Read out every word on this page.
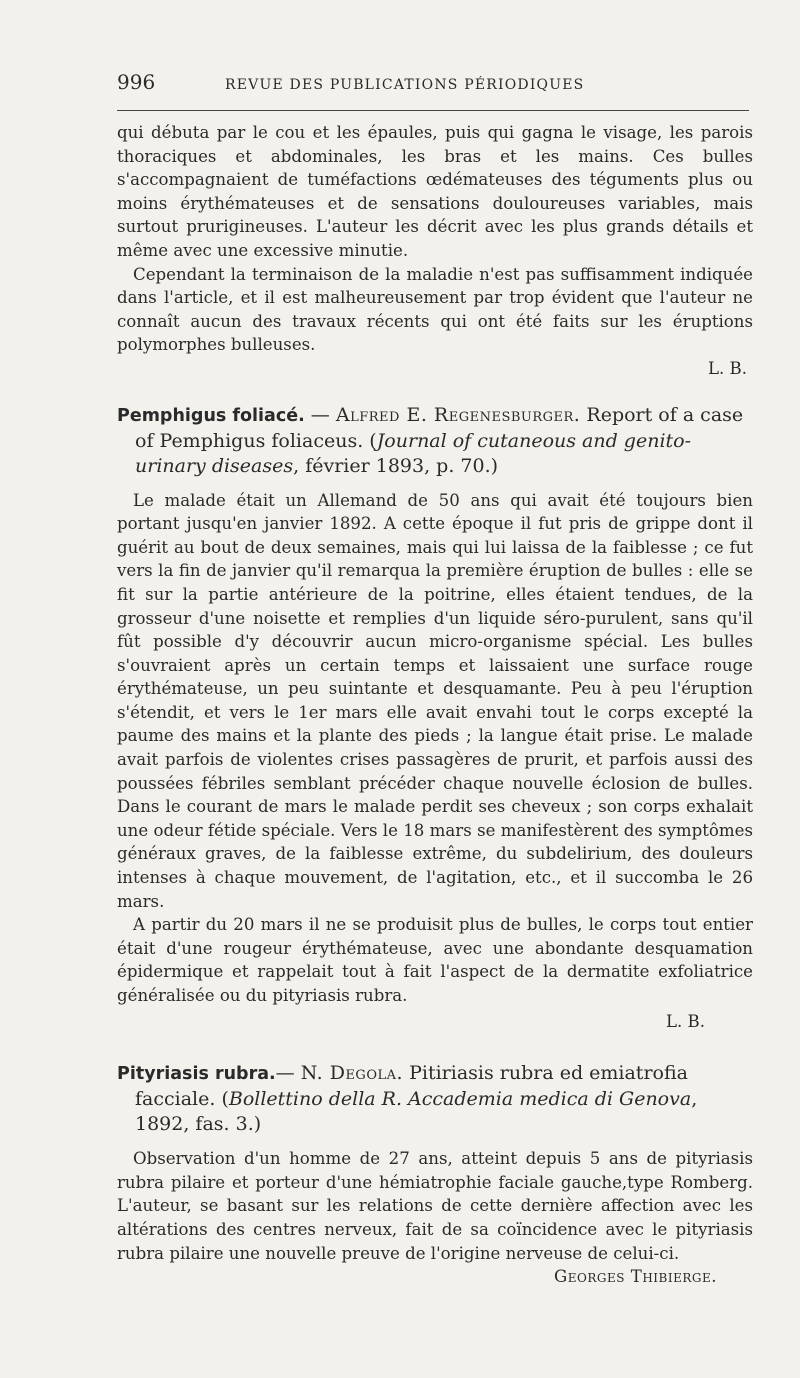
996	REVUE DES PUBLICATIONS PÉRIODIQUES

qui débuta par le cou et les épaules, puis qui gagna le visage, les parois thoraciques et abdominales, les bras et les mains. Ces bulles s'accompagnaient de tuméfactions œdémateuses des téguments plus ou moins érythémateuses et de sensations douloureuses variables, mais surtout prurigineuses. L'auteur les décrit avec les plus grands détails et même avec une excessive minutie.

Cependant la terminaison de la maladie n'est pas suffisamment indiquée dans l'article, et il est malheureusement par trop évident que l'auteur ne connaît aucun des travaux récents qui ont été faits sur les éruptions polymorphes bulleuses.

L. B.
Pemphigus foliacé. — Alfred E. Regenesburger. Report of a case of Pemphigus foliaceus. (Journal of cutaneous and genito-urinary diseases, février 1893, p. 70.)

Le malade était un Allemand de 50 ans qui avait été toujours bien portant jusqu'en janvier 1892. A cette époque il fut pris de grippe dont il guérit au bout de deux semaines, mais qui lui laissa de la faiblesse ; ce fut vers la fin de janvier qu'il remarqua la première éruption de bulles : elle se fit sur la partie antérieure de la poitrine, elles étaient tendues, de la grosseur d'une noisette et remplies d'un liquide séro-purulent, sans qu'il fût possible d'y découvrir aucun micro-organisme spécial. Les bulles s'ouvraient après un certain temps et laissaient une surface rouge érythémateuse, un peu suintante et desquamante. Peu à peu l'éruption s'étendit, et vers le 1er mars elle avait envahi tout le corps excepté la paume des mains et la plante des pieds ; la langue était prise. Le malade avait parfois de violentes crises passagères de prurit, et parfois aussi des poussées fébriles semblant précéder chaque nouvelle éclosion de bulles. Dans le courant de mars le malade perdit ses cheveux ; son corps exhalait une odeur fétide spéciale. Vers le 18 mars se manifestèrent des symptômes généraux graves, de la faiblesse extrême, du subdelirium, des douleurs intenses à chaque mouvement, de l'agitation, etc., et il succomba le 26 mars.

A partir du 20 mars il ne se produisit plus de bulles, le corps tout entier était d'une rougeur érythémateuse, avec une abondante desquamation épidermique et rappelait tout à fait l'aspect de la dermatite exfoliatrice généralisée ou du pityriasis rubra.

L. B.
Pityriasis rubra.— N. Degola. Pitiriasis rubra ed emiatrofia facciale. (Bollettino della R. Accademia medica di Genova, 1892, fas. 3.)

Observation d'un homme de 27 ans, atteint depuis 5 ans de pityriasis rubra pilaire et porteur d'une hémiatrophie faciale gauche,type Romberg. L'auteur, se basant sur les relations de cette dernière affection avec les altérations des centres nerveux, fait de sa coïncidence avec le pityriasis rubra pilaire une nouvelle preuve de l'origine nerveuse de celui-ci.

Georges Thibierge.
